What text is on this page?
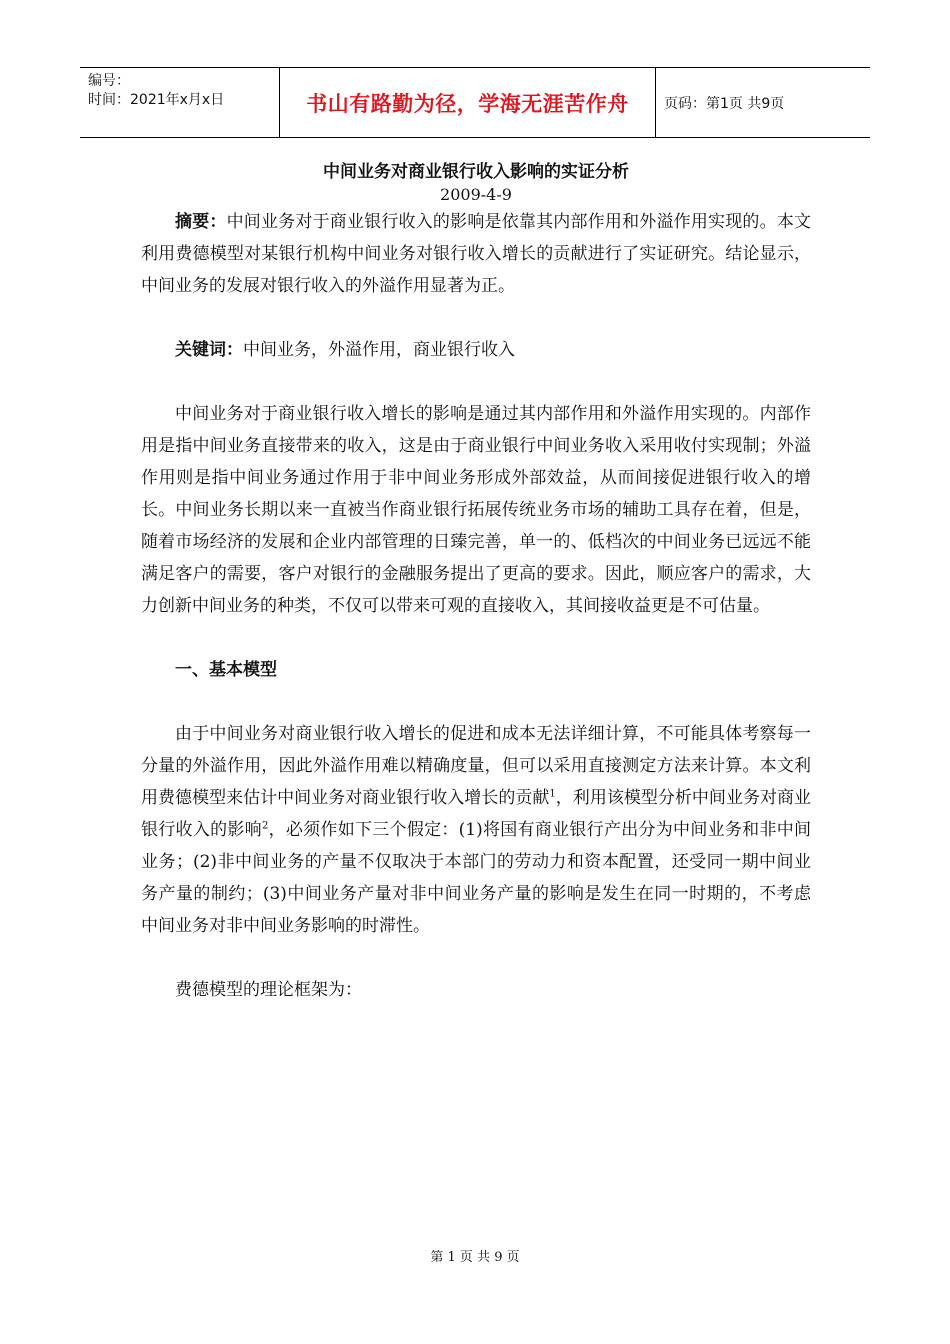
编号：
时间：2021年x月x日	书山有路勤为径，学海无涯苦作舟	页码：第1页 共9页

中间业务对商业银行收入影响的实证分析

2009-4-9

摘要：中间业务对于商业银行收入的影响是依靠其内部作用和外溢作用实现的。本文利用费德模型对某银行机构中间业务对银行收入增长的贡献进行了实证研究。结论显示，中间业务的发展对银行收入的外溢作用显著为正。

关键词：中间业务，外溢作用，商业银行收入

中间业务对于商业银行收入增长的影响是通过其内部作用和外溢作用实现的。内部作用是指中间业务直接带来的收入，这是由于商业银行中间业务收入采用收付实现制；外溢作用则是指中间业务通过作用于非中间业务形成外部效益，从而间接促进银行收入的增长。中间业务长期以来一直被当作商业银行拓展传统业务市场的辅助工具存在着，但是，随着市场经济的发展和企业内部管理的日臻完善，单一的、低档次的中间业务已远远不能满足客户的需要，客户对银行的金融服务提出了更高的要求。因此，顺应客户的需求，大力创新中间业务的种类，不仅可以带来可观的直接收入，其间接收益更是不可估量。

一、基本模型

由于中间业务对商业银行收入增长的促进和成本无法详细计算，不可能具体考察每一分量的外溢作用，因此外溢作用难以精确度量，但可以采用直接测定方法来计算。本文利用费德模型来估计中间业务对商业银行收入增长的贡献$^1$，利用该模型分析中间业务对商业银行收入的影响$^2$，必须作如下三个假定：(1)将国有商业银行产出分为中间业务和非中间业务；(2)非中间业务的产量不仅取决于本部门的劳动力和资本配置，还受同一期中间业务产量的制约；(3)中间业务产量对非中间业务产量的影响是发生在同一时期的，不考虑中间业务对非中间业务影响的时滞性。

费德模型的理论框架为：

第 1 页 共 9 页
